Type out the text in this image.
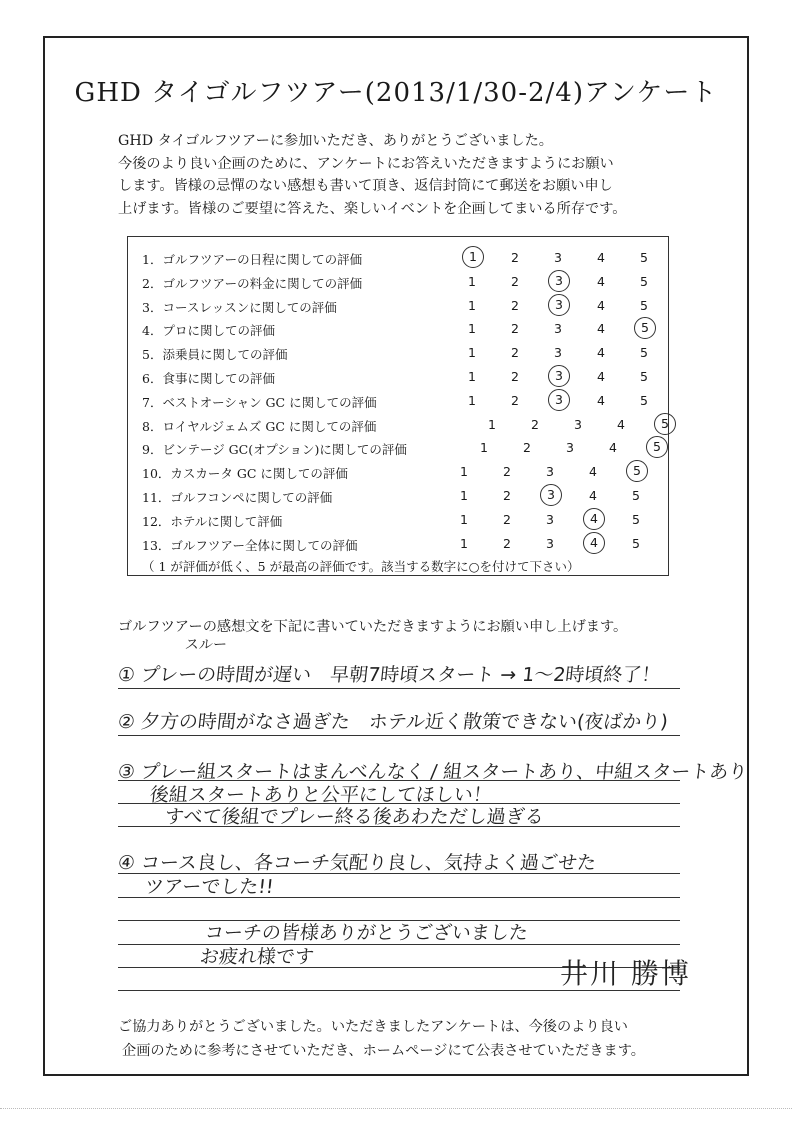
GHD タイゴルフツアー(2013/1/30-2/4)アンケート
GHD タイゴルフツアーに参加いただき、ありがとうございました。
今後のより良い企画のために、アンケートにお答えいただきますようにお願い
します。皆様の忌憚のない感想も書いて頂き、返信封筒にて郵送をお願い申し
上げます。皆様のご要望に答えた、楽しいイベントを企画してまいる所存です。
（ 1 が評価が低く、5 が最高の評価です。該当する数字に○を付けて下さい）
1．ゴルフツアーの日程に関しての評価	1	2	3	4	5
2．ゴルフツアーの料金に関しての評価	1	2	3	4	5
3．コースレッスンに関しての評価	1	2	3	4	5
4．プロに関しての評価	1	2	3	4	5
5．添乗員に関しての評価	1	2	3	4	5
6．食事に関しての評価	1	2	3	4	5
7．ベストオーシャン GC に関しての評価	1	2	3	4	5
8．ロイヤルジェムズ GC に関しての評価	1	2	3	4	5
9．ビンテージ GC(オプション)に関しての評価	1	2	3	4	5
10．カスカータ GC に関しての評価	1	2	3	4	5
11．ゴルフコンペに関しての評価	1	2	3	4	5
12．ホテルに関して評価	1	2	3	4	5
13．ゴルフツアー全体に関しての評価	1	2	3	4	5
ゴルフツアーの感想文を下記に書いていただきますようにお願い申し上げます。
スルー
① プレーの時間が遅い　早朝7時頃スタート → 1～2時頃終了！
② 夕方の時間がなさ過ぎた　ホテル近く散策できない(夜ばかり)
③ プレー組スタートはまんべんなく / 組スタートあり、中組スタートあり
後組スタートありと公平にしてほしい！
すべて後組でプレー終る後あわただし過ぎる
④ コース良し、各コーチ気配り良し、気持よく過ごせた
ツアーでした!!
コーチの皆様ありがとうございました
お疲れ様です	井川 勝博
ご協力ありがとうございました。いただきましたアンケートは、今後のより良い
企画のために参考にさせていただき、ホームページにて公表させていただきます。
